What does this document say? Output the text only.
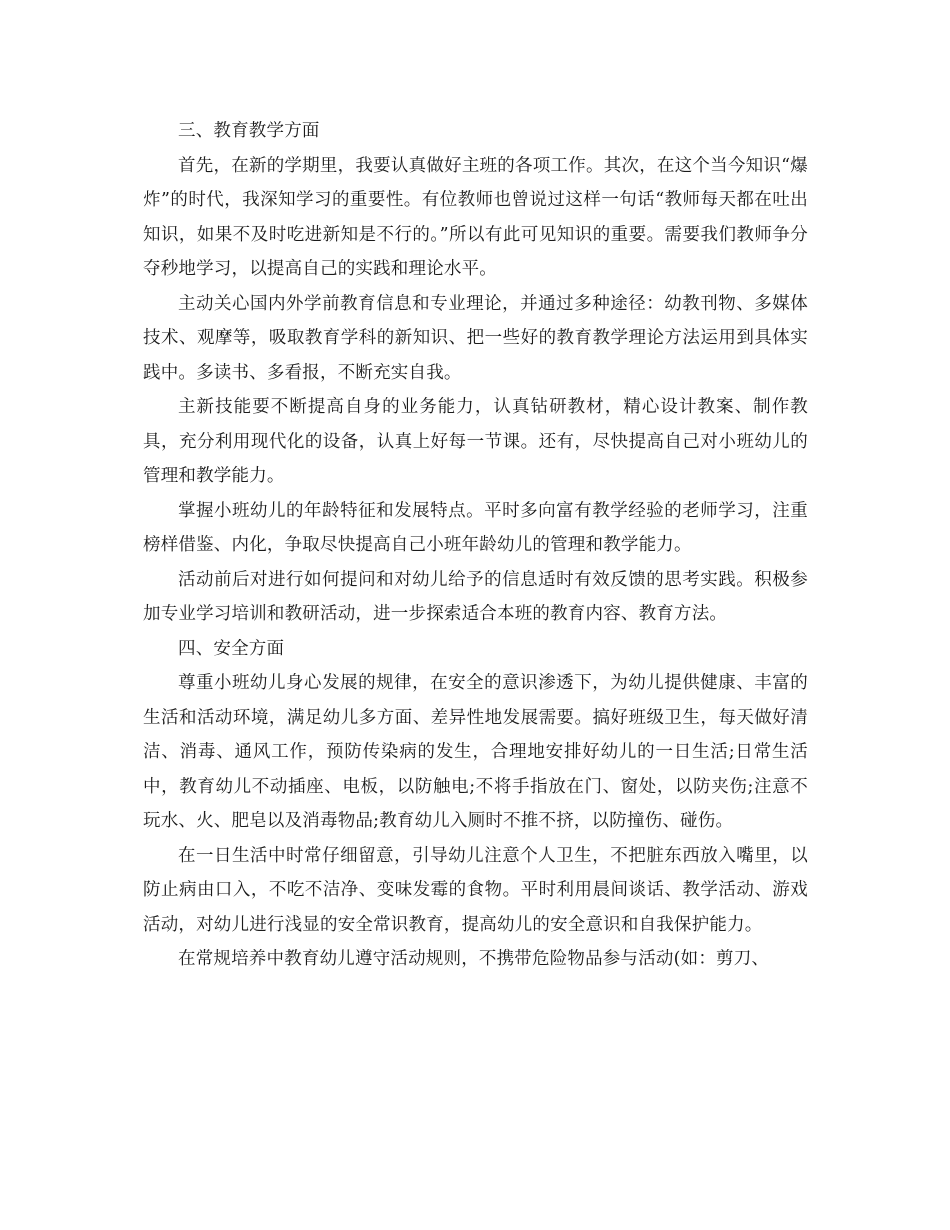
三、教育教学方面

首先，在新的学期里，我要认真做好主班的各项工作。其次，在这个当今知识“爆炸”的时代，我深知学习的重要性。有位教师也曾说过这样一句话“教师每天都在吐出知识，如果不及时吃进新知是不行的。”所以有此可见知识的重要。需要我们教师争分夺秒地学习，以提高自己的实践和理论水平。

主动关心国内外学前教育信息和专业理论，并通过多种途径：幼教刊物、多媒体技术、观摩等，吸取教育学科的新知识、把一些好的教育教学理论方法运用到具体实践中。多读书、多看报，不断充实自我。

主新技能要不断提高自身的业务能力，认真钻研教材，精心设计教案、制作教具，充分利用现代化的设备，认真上好每一节课。还有，尽快提高自己对小班幼儿的管理和教学能力。

掌握小班幼儿的年龄特征和发展特点。平时多向富有教学经验的老师学习，注重榜样借鉴、内化，争取尽快提高自己小班年龄幼儿的管理和教学能力。

活动前后对进行如何提问和对幼儿给予的信息适时有效反馈的思考实践。积极参加专业学习培训和教研活动，进一步探索适合本班的教育内容、教育方法。

四、安全方面

尊重小班幼儿身心发展的规律，在安全的意识渗透下，为幼儿提供健康、丰富的生活和活动环境，满足幼儿多方面、差异性地发展需要。搞好班级卫生，每天做好清洁、消毒、通风工作，预防传染病的发生，合理地安排好幼儿的一日生活;日常生活中，教育幼儿不动插座、电板，以防触电;不将手指放在门、窗处，以防夹伤;注意不玩水、火、肥皂以及消毒物品;教育幼儿入厕时不推不挤，以防撞伤、碰伤。

在一日生活中时常仔细留意，引导幼儿注意个人卫生，不把脏东西放入嘴里，以防止病由口入，不吃不洁净、变味发霉的食物。平时利用晨间谈话、教学活动、游戏活动，对幼儿进行浅显的安全常识教育，提高幼儿的安全意识和自我保护能力。

在常规培养中教育幼儿遵守活动规则，不携带危险物品参与活动(如：剪刀、
